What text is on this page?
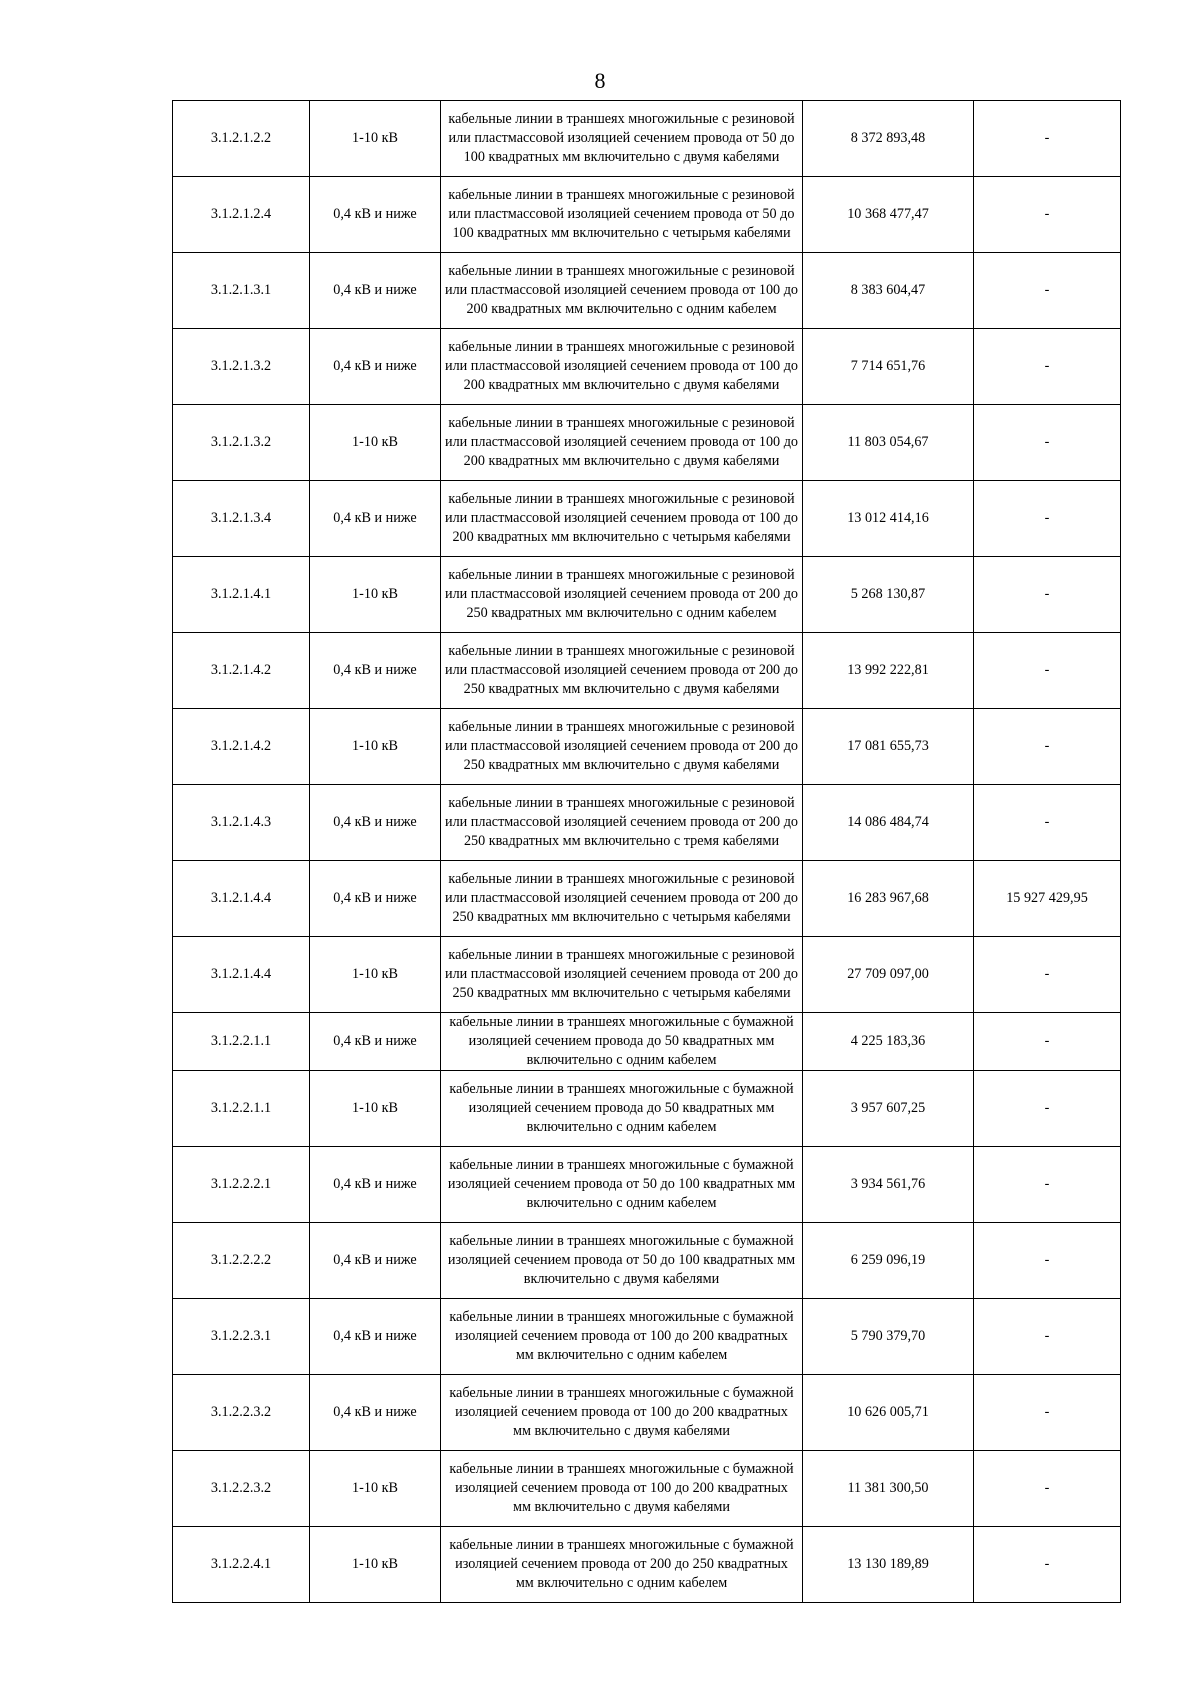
8
3.1.2.1.2.2	1-10 кВ	кабельные линии в траншеях многожильные с резиновой или пластмассовой изоляцией сечением провода от 50 до 100 квадратных мм включительно с двумя кабелями	8 372 893,48	-
3.1.2.1.2.4	0,4 кВ и ниже	кабельные линии в траншеях многожильные с резиновой или пластмассовой изоляцией сечением провода от 50 до 100 квадратных мм включительно с четырьмя кабелями	10 368 477,47	-
3.1.2.1.3.1	0,4 кВ и ниже	кабельные линии в траншеях многожильные с резиновой или пластмассовой изоляцией сечением провода от 100 до 200 квадратных мм включительно с одним кабелем	8 383 604,47	-
3.1.2.1.3.2	0,4 кВ и ниже	кабельные линии в траншеях многожильные с резиновой или пластмассовой изоляцией сечением провода от 100 до 200 квадратных мм включительно с двумя кабелями	7 714 651,76	-
3.1.2.1.3.2	1-10 кВ	кабельные линии в траншеях многожильные с резиновой или пластмассовой изоляцией сечением провода от 100 до 200 квадратных мм включительно с двумя кабелями	11 803 054,67	-
3.1.2.1.3.4	0,4 кВ и ниже	кабельные линии в траншеях многожильные с резиновой или пластмассовой изоляцией сечением провода от 100 до 200 квадратных мм включительно с четырьмя кабелями	13 012 414,16	-
3.1.2.1.4.1	1-10 кВ	кабельные линии в траншеях многожильные с резиновой или пластмассовой изоляцией сечением провода от 200 до 250 квадратных мм включительно с одним кабелем	5 268 130,87	-
3.1.2.1.4.2	0,4 кВ и ниже	кабельные линии в траншеях многожильные с резиновой или пластмассовой изоляцией сечением провода от 200 до 250 квадратных мм включительно с двумя кабелями	13 992 222,81	-
3.1.2.1.4.2	1-10 кВ	кабельные линии в траншеях многожильные с резиновой или пластмассовой изоляцией сечением провода от 200 до 250 квадратных мм включительно с двумя кабелями	17 081 655,73	-
3.1.2.1.4.3	0,4 кВ и ниже	кабельные линии в траншеях многожильные с резиновой или пластмассовой изоляцией сечением провода от 200 до 250 квадратных мм включительно с тремя кабелями	14 086 484,74	-
3.1.2.1.4.4	0,4 кВ и ниже	кабельные линии в траншеях многожильные с резиновой или пластмассовой изоляцией сечением провода от 200 до 250 квадратных мм включительно с четырьмя кабелями	16 283 967,68	15 927 429,95
3.1.2.1.4.4	1-10 кВ	кабельные линии в траншеях многожильные с резиновой или пластмассовой изоляцией сечением провода от 200 до 250 квадратных мм включительно с четырьмя кабелями	27 709 097,00	-
3.1.2.2.1.1	0,4 кВ и ниже	кабельные линии в траншеях многожильные с бумажной изоляцией сечением провода до 50 квадратных мм включительно с одним кабелем	4 225 183,36	-
3.1.2.2.1.1	1-10 кВ	кабельные линии в траншеях многожильные с бумажной изоляцией сечением провода до 50 квадратных мм включительно с одним кабелем	3 957 607,25	-
3.1.2.2.2.1	0,4 кВ и ниже	кабельные линии в траншеях многожильные с бумажной изоляцией сечением провода от 50 до 100 квадратных мм включительно с одним кабелем	3 934 561,76	-
3.1.2.2.2.2	0,4 кВ и ниже	кабельные линии в траншеях многожильные с бумажной изоляцией сечением провода от 50 до 100 квадратных мм включительно с двумя кабелями	6 259 096,19	-
3.1.2.2.3.1	0,4 кВ и ниже	кабельные линии в траншеях многожильные с бумажной изоляцией сечением провода от 100 до 200 квадратных мм включительно с одним кабелем	5 790 379,70	-
3.1.2.2.3.2	0,4 кВ и ниже	кабельные линии в траншеях многожильные с бумажной изоляцией сечением провода от 100 до 200 квадратных мм включительно с двумя кабелями	10 626 005,71	-
3.1.2.2.3.2	1-10 кВ	кабельные линии в траншеях многожильные с бумажной изоляцией сечением провода от 100 до 200 квадратных мм включительно с двумя кабелями	11 381 300,50	-
3.1.2.2.4.1	1-10 кВ	кабельные линии в траншеях многожильные с бумажной изоляцией сечением провода от 200 до 250 квадратных мм включительно с одним кабелем	13 130 189,89	-
